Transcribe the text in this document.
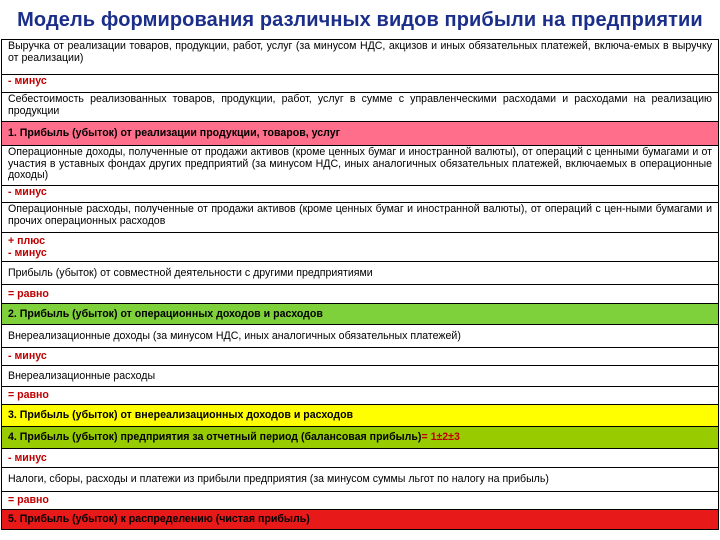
Модель формирования различных видов прибыли на предприятии
Выручка от реализации товаров, продукции, работ, услуг (за минусом НДС, акцизов и иных обязательных платежей, включа-емых в выручку от реализации)
- минус
Себестоимость реализованных товаров, продукции, работ, услуг в сумме с управленческими расходами и расходами на реализацию продукции
1. Прибыль (убыток) от реализации продукции, товаров, услуг
Операционные доходы, полученные от продажи активов (кроме ценных бумаг и иностранной валюты), от операций с ценными бумагами и от участия в уставных фондах других предприятий (за минусом НДС, иных аналогичных обязательных платежей, включаемых в операционные доходы)
- минус
Операционные расходы, полученные от продажи активов (кроме ценных бумаг и иностранной валюты), от операций с цен-ными бумагами и прочих операционных расходов
+ плюс
- минус
Прибыль (убыток) от совместной деятельности с другими предприятиями
= равно
2. Прибыль (убыток) от операционных доходов и расходов
Внереализационные доходы (за минусом НДС, иных аналогичных обязательных платежей)
- минус
Внереализационные расходы
= равно
3. Прибыль (убыток) от внереализационных доходов и расходов
4. Прибыль (убыток) предприятия за отчетный период (балансовая прибыль) = 1±2±3
- минус
Налоги, сборы, расходы и платежи из прибыли предприятия (за минусом суммы льгот по налогу на прибыль)
= равно
5. Прибыль (убыток) к распределению (чистая прибыль)
